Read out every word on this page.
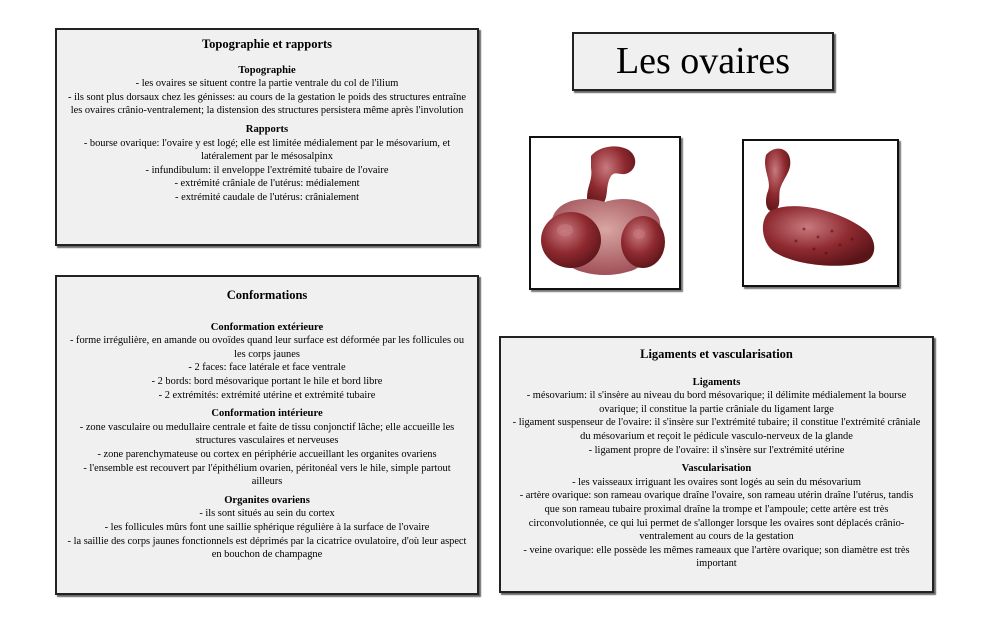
Les ovaires
Topographie et rapports
Topographie

- les ovaires se situent contre la partie ventrale du col de l'ilium

- ils sont plus dorsaux chez les génisses: au cours de la gestation le poids des structures entraîne les ovaires crânio-ventralement; la distension des structures persistera même après l'involution

Rapports

- bourse ovarique: l'ovaire y est logé; elle est limitée médialement par le mésovarium, et latéralement par le mésosalpinx

- infundibulum: il enveloppe l'extrémité tubaire de l'ovaire

- extrémité crâniale de l'utérus: médialement

- extrémité caudale de l'utérus: crânialement

Conformations
Conformation extérieure

- forme irrégulière, en amande ou ovoïdes quand leur surface est déformée par les follicules ou les corps jaunes

- 2 faces: face latérale et face ventrale

- 2 bords: bord mésovarique portant le hile et bord libre

- 2 extrémités: extrémité utérine et extrémité tubaire

Conformation intérieure

- zone vasculaire ou medullaire centrale et faite de tissu conjonctif lâche; elle accueille les structures vasculaires et nerveuses

- zone parenchymateuse ou cortex en périphérie accueillant les organites ovariens

- l'ensemble est recouvert par l'épithélium ovarien, péritonéal vers le hile, simple partout ailleurs

Organites ovariens

- ils sont situés au sein du cortex

- les follicules mûrs font une saillie sphérique régulière à la surface de l'ovaire

- la saillie des corps jaunes fonctionnels est déprimés par la cicatrice ovulatoire, d'où leur aspect en bouchon de champagne

Ligaments et vascularisation
Ligaments

- mésovarium: il s'insère au niveau du bord mésovarique; il délimite médialement la bourse ovarique; il constitue la partie crâniale du ligament large

- ligament suspenseur de l'ovaire: il s'insère sur l'extrémité tubaire; il constitue l'extrémité crâniale du mésovarium et reçoit le pédicule vasculo-nerveux de la glande

- ligament propre de l'ovaire: il s'insère sur l'extrémité utérine

Vascularisation

- les vaisseaux irriguant les ovaires sont logés au sein du mésovarium

- artère ovarique: son rameau ovarique draîne l'ovaire, son rameau utérin draîne l'utérus, tandis que son rameau tubaire proximal draîne la trompe et l'ampoule; cette artère est très circonvolutionnée, ce qui lui permet de s'allonger lorsque les ovaires sont déplacés crânio-ventralement au cours de la gestation

- veine ovarique: elle possède les mêmes rameaux que l'artère ovarique; son diamètre est très important
